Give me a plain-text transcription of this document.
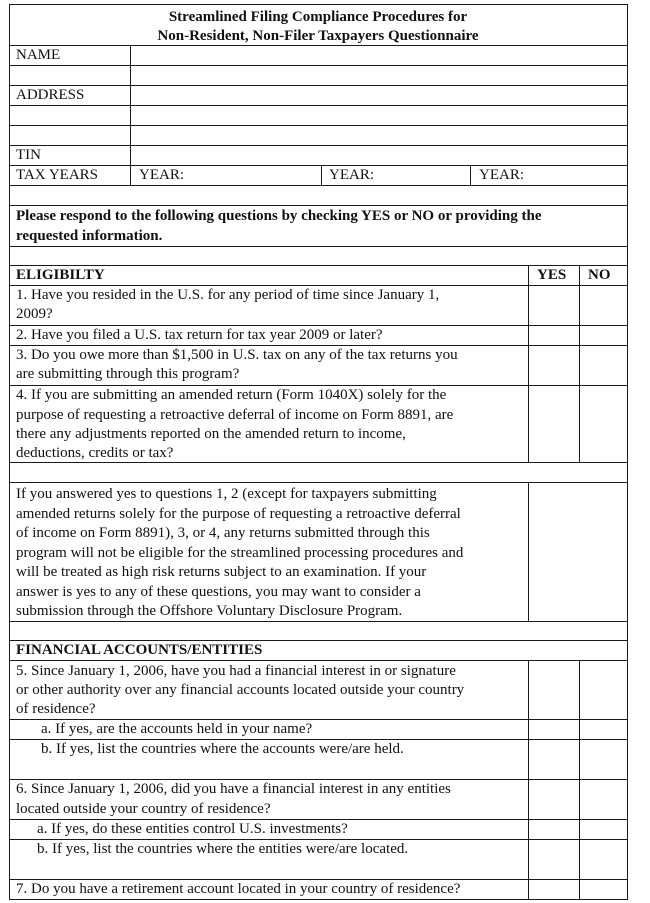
Streamlined Filing Compliance Procedures for
Non-Resident, Non-Filer Taxpayers Questionnaire
NAME
ADDRESS
TIN
TAX YEARS	YEAR:	YEAR:	YEAR:
Please respond to the following questions by checking YES or NO or providing the
requested information.
ELIGIBILTY	YES NO
1. Have you resided in the U.S. for any period of time since January 1,
2009?
2. Have you filed a U.S. tax return for tax year 2009 or later?
3. Do you owe more than $1,500 in U.S. tax on any of the tax returns you
are submitting through this program?
4. If you are submitting an amended return (Form 1040X) solely for the
purpose of requesting a retroactive deferral of income on Form 8891, are
there any adjustments reported on the amended return to income,
deductions, credits or tax?
If you answered yes to questions 1, 2 (except for taxpayers submitting
amended returns solely for the purpose of requesting a retroactive deferral
of income on Form 8891), 3, or 4, any returns submitted through this
program will not be eligible for the streamlined processing procedures and
will be treated as high risk returns subject to an examination. If your
answer is yes to any of these questions, you may want to consider a
submission through the Offshore Voluntary Disclosure Program.
FINANCIAL ACCOUNTS/ENTITIES
5. Since January 1, 2006, have you had a financial interest in or signature
or other authority over any financial accounts located outside your country
of residence?
a. If yes, are the accounts held in your name?
b. If yes, list the countries where the accounts were/are held.
6. Since January 1, 2006, did you have a financial interest in any entities
located outside your country of residence?
a. If yes, do these entities control U.S. investments?
b. If yes, list the countries where the entities were/are located.
7. Do you have a retirement account located in your country of residence?
